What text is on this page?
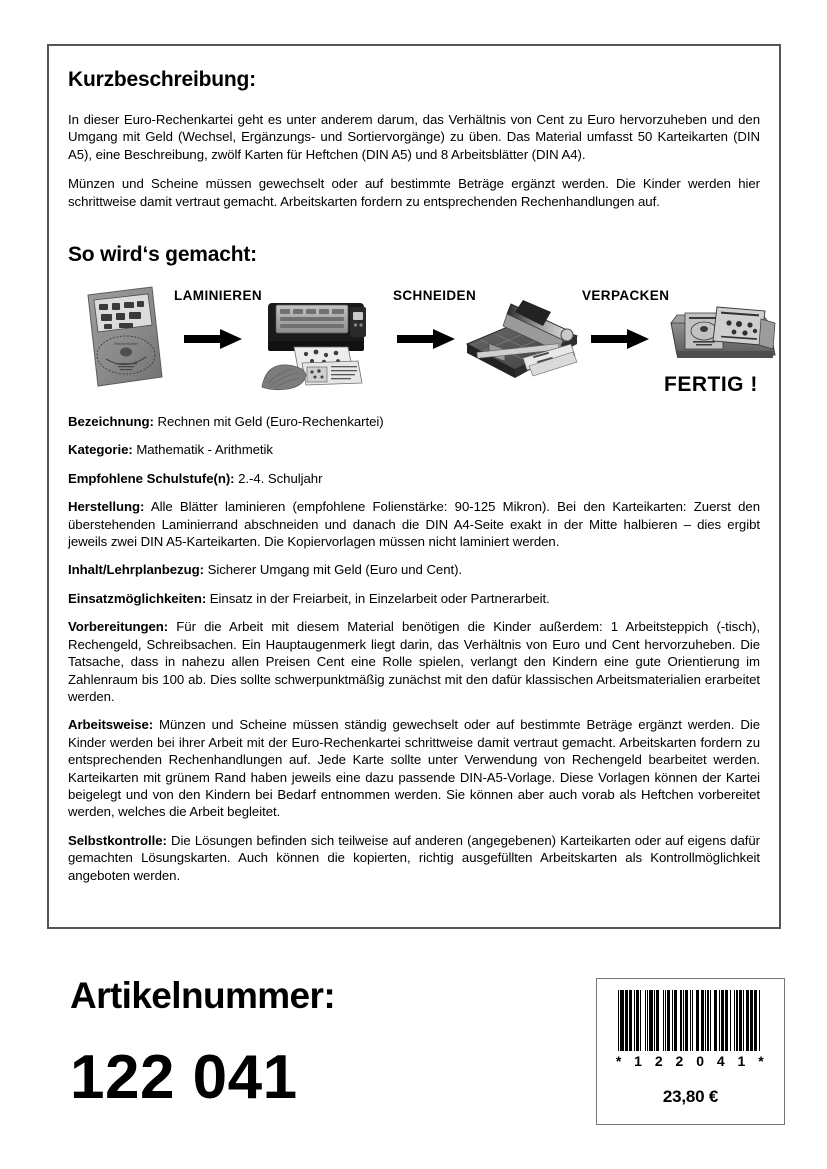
Kurzbeschreibung:

In dieser Euro-Rechenkartei geht es unter anderem darum, das Verhältnis von Cent zu Euro hervorzuheben und den Umgang mit Geld (Wechsel, Ergänzungs- und Sortiervorgänge) zu üben. Das Material umfasst 50 Karteikarten (DIN A5), eine Beschreibung, zwölf Karten für Heftchen (DIN A5) und 8 Arbeitsblätter (DIN A4).

Münzen und Scheine müssen gewechselt oder auf bestimmte Beträge ergänzt werden. Die Kinder werden hier schrittweise damit vertraut gemacht. Arbeitskarten fordern zu entsprechenden Rechenhandlungen auf.

So wird‘s gemacht:
Rechenkartei
LAMINIEREN	SCHNEIDEN	VERPACKEN
FERTIG !

Bezeichnung: Rechnen mit Geld (Euro-Rechenkartei)

Kategorie: Mathematik - Arithmetik

Empfohlene Schulstufe(n): 2.-4. Schuljahr

Herstellung: Alle Blätter laminieren (empfohlene Folienstärke: 90-125 Mikron). Bei den Karteikarten: Zuerst den überstehenden Laminierrand abschneiden und danach die DIN A4-Seite exakt in der Mitte halbieren – dies ergibt jeweils zwei DIN A5-Karteikarten. Die Kopiervorlagen müssen nicht laminiert werden.

Inhalt/Lehrplanbezug: Sicherer Umgang mit Geld (Euro und Cent).

Einsatzmöglichkeiten: Einsatz in der Freiarbeit, in Einzelarbeit oder Partnerarbeit.

Vorbereitungen: Für die Arbeit mit diesem Material benötigen die Kinder außerdem: 1 Arbeitsteppich (-tisch), Rechengeld, Schreibsachen. Ein Hauptaugenmerk liegt darin, das Verhältnis von Euro und Cent hervorzuheben. Die Tatsache, dass in nahezu allen Preisen Cent eine Rolle spielen, verlangt den Kindern eine gute Orientierung im Zahlenraum bis 100 ab. Dies sollte schwerpunktmäßig zunächst mit den dafür klassischen Arbeitsmaterialien erarbeitet werden.

Arbeitsweise: Münzen und Scheine müssen ständig gewechselt oder auf bestimmte Beträge ergänzt werden. Die Kinder werden bei ihrer Arbeit mit der Euro-Rechenkartei schrittweise damit vertraut gemacht. Arbeitskarten fordern zu entsprechenden Rechenhandlungen auf. Jede Karte sollte unter Verwendung von Rechengeld bearbeitet werden. Karteikarten mit grünem Rand haben jeweils eine dazu passende DIN-A5-Vorlage. Diese Vorlagen können der Kartei beigelegt und von den Kindern bei Bedarf entnommen werden. Sie können aber auch vorab als Heftchen vorbereitet werden, welches die Arbeit begleitet.

Selbstkontrolle: Die Lösungen befinden sich teilweise auf anderen (angegebenen) Karteikarten oder auf eigens dafür gemachten Lösungskarten. Auch können die kopierten, richtig ausgefüllten Arbeitskarten als Kontrollmöglichkeit angeboten werden.

Artikelnummer:
122 041	* 1 2 2 0 4 1 *
23,80 €
